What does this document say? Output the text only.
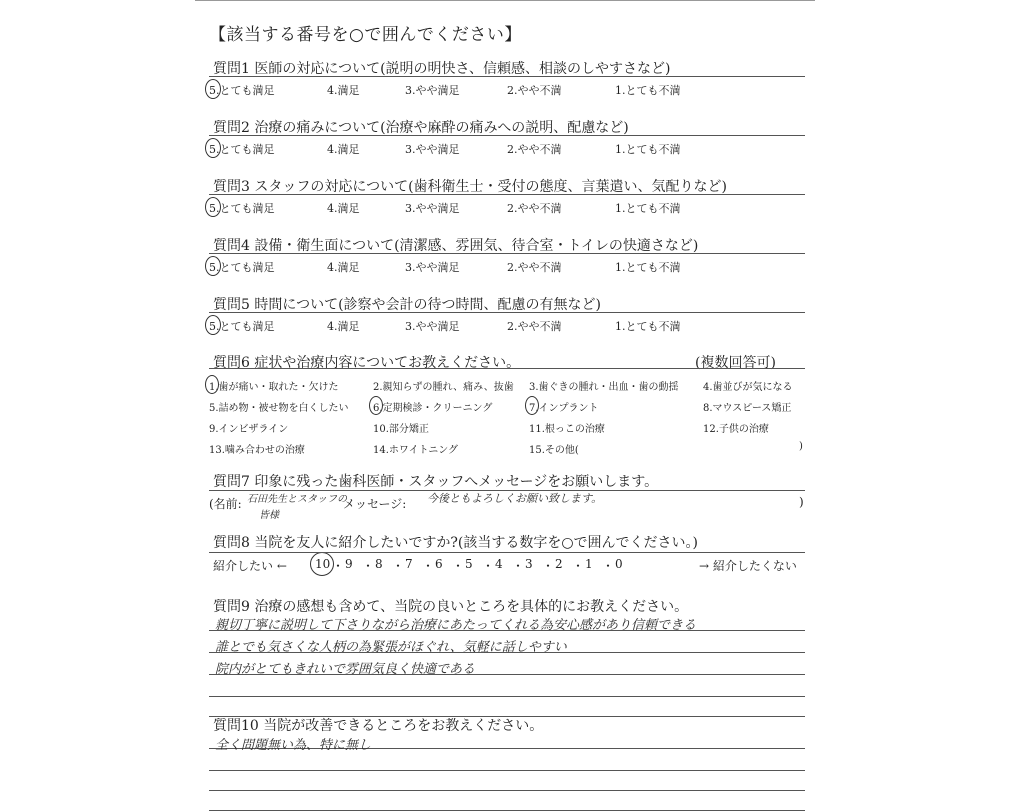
【該当する番号を○で囲んでください】
質問1 医師の対応について(説明の明快さ、信頼感、相談のしやすさなど)
5.とても満足	4.満足	3.やや満足	2.やや不満	1.とても不満
質問2 治療の痛みについて(治療や麻酔の痛みへの説明、配慮など)
5.とても満足	4.満足	3.やや満足	2.やや不満	1.とても不満
質問3 スタッフの対応について(歯科衛生士・受付の態度、言葉遣い、気配りなど)
5.とても満足	4.満足	3.やや満足	2.やや不満	1.とても不満
質問4 設備・衛生面について(清潔感、雰囲気、待合室・トイレの快適さなど)
5.とても満足	4.満足	3.やや満足	2.やや不満	1.とても不満
質問5 時間について(診察や会計の待つ時間、配慮の有無など)
5.とても満足	4.満足	3.やや満足	2.やや不満	1.とても不満
質問6 症状や治療内容についてお教えください。	(複数回答可)
1.歯が痛い・取れた・欠けた	2.親知らずの腫れ、痛み、抜歯 3.歯ぐきの腫れ・出血・歯の動揺 4.歯並びが気になる
5.詰め物・被せ物を白くしたい 6.定期検診・クリーニング	7.インプラント	8.マウスピース矯正
9.インビザライン	10.部分矯正	11.根っこの治療	12.子供の治療
13.噛み合わせの治療	14.ホワイトニング	15.その他(	)
質問7 印象に残った歯科医師・スタッフへメッセージをお願いします。
(名前: 石田先生とスタッフの
皆様
メッセージ: 今後ともよろしくお願い致します。	)
質問8 当院を友人に紹介したいですか?(該当する数字を○で囲んでください。)
紹介したい ← 10 ・ 9 ・ 8 ・ 7 ・ 6 ・ 5 ・ 4 ・ 3 ・ 2 ・ 1 ・ 0	→ 紹介したくない
質問9 治療の感想も含めて、当院の良いところを具体的にお教えください。
親切丁寧に説明して下さりながら治療にあたってくれる為安心感があり信頼できる
誰とでも気さくな人柄の為緊張がほぐれ、気軽に話しやすい
院内がとてもきれいで雰囲気良く快適である
質問10 当院が改善できるところをお教えください。
全く問題無い為、特に無し
